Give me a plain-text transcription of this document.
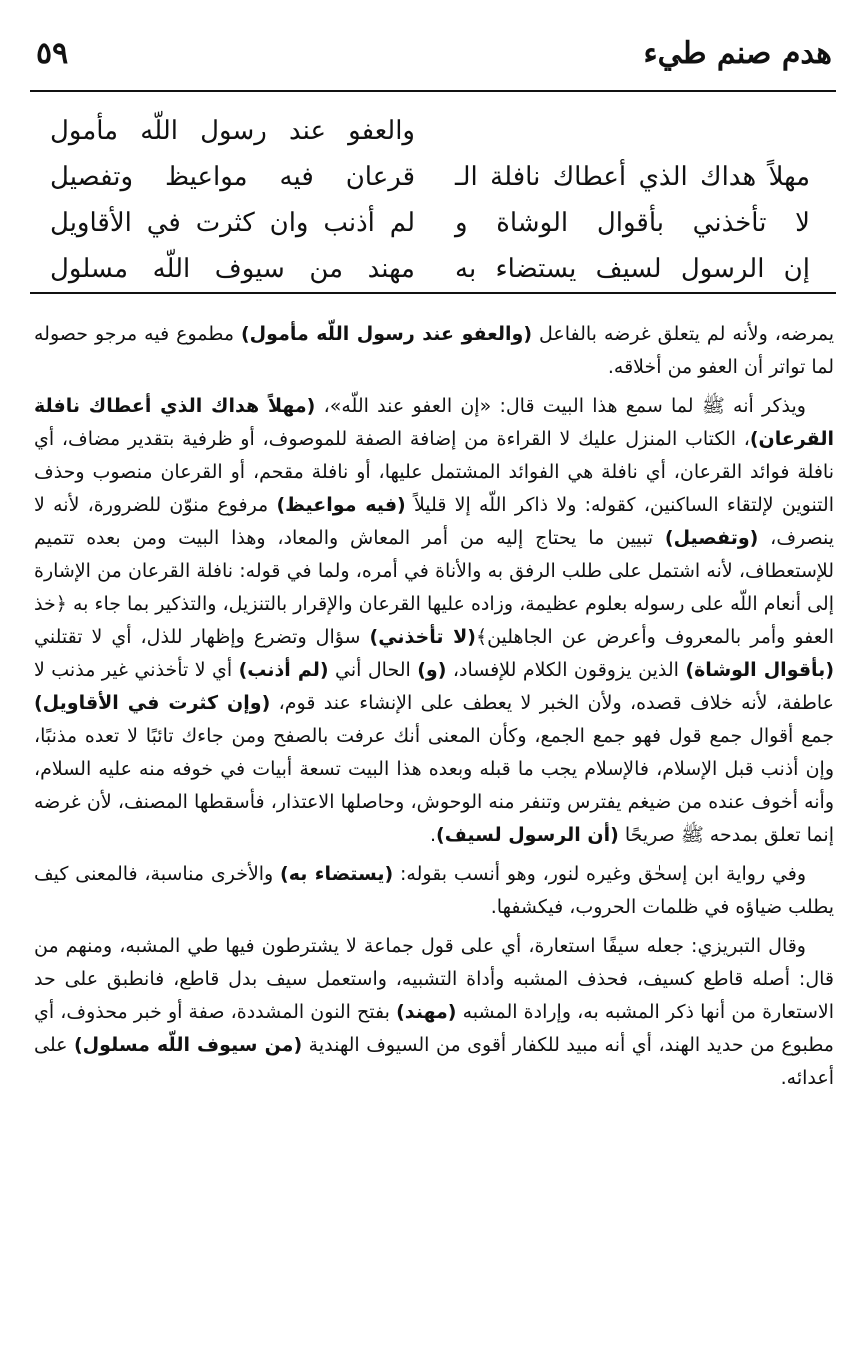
٥٩	هدم صنم طيء
والعفو عند رسول اللّه مأمول
مهلاً هداك الذي أعطاك نافلة الـ
قرعان فيه مواعيظ وتفصيل
لا تأخذني بأقوال الوشاة و
لم أذنب وان كثرت في الأقاويل
إن الرسول لسيف يستضاء به
مهند من سيوف اللّه مسلول

يمرضه، ولأنه لم يتعلق غرضه بالفاعل (والعفو عند رسول اللّه مأمول) مطموع فيه مرجو حصوله لما تواتر أن العفو من أخلاقه.

ويذكر أنه ﷺ لما سمع هذا البيت قال: «إن العفو عند اللّه»، (مهلاً هداك الذي أعطاك نافلة القرعان)، الكتاب المنزل عليك لا القراءة من إضافة الصفة للموصوف، أو ظرفية بتقدير مضاف، أي نافلة فوائد القرعان، أي نافلة هي الفوائد المشتمل عليها، أو نافلة مقحم، أو القرعان منصوب وحذف التنوين لإلتقاء الساكنين، كقوله: ولا ذاكر اللّه إلا قليلاً (فيه مواعيظ) مرفوع منوّن للضرورة، لأنه لا ينصرف، (وتفصيل) تبيين ما يحتاج إليه من أمر المعاش والمعاد، وهذا البيت ومن بعده تتميم للإستعطاف، لأنه اشتمل على طلب الرفق به والأناة في أمره، ولما في قوله: نافلة القرعان من الإشارة إلى أنعام اللّه على رسوله بعلوم عظيمة، وزاده عليها القرعان والإقرار بالتنزيل، والتذكير بما جاء به ﴿خذ العفو وأمر بالمعروف وأعرض عن الجاهلين﴾(لا تأخذني) سؤال وتضرع وإظهار للذل، أي لا تقتلني (بأقوال الوشاة) الذين يزوقون الكلام للإفساد، (و) الحال أني (لم أذنب) أي لا تأخذني غير مذنب لا عاطفة، لأنه خلاف قصده، ولأن الخبر لا يعطف على الإنشاء عند قوم، (وإن كثرت في الأقاويل) جمع أقوال جمع قول فهو جمع الجمع، وكأن المعنى أنك عرفت بالصفح ومن جاءك تائبًا لا تعده مذنبًا، وإن أذنب قبل الإسلام، فالإسلام يجب ما قبله وبعده هذا البيت تسعة أبيات في خوفه منه عليه السلام، وأنه أخوف عنده من ضيغم يفترس وتنفر منه الوحوش، وحاصلها الاعتذار، فأسقطها المصنف، لأن غرضه إنما تعلق بمدحه ﷺ صريحًا (أن الرسول لسيف).

وفي رواية ابن إسحٰق وغيره لنور، وهو أنسب بقوله: (يستضاء به) والأخرى مناسبة، فالمعنى كيف يطلب ضياؤه في ظلمات الحروب، فيكشفها.

وقال التبريزي: جعله سيفًا استعارة، أي على قول جماعة لا يشترطون فيها طي المشبه، ومنهم من قال: أصله قاطع كسيف، فحذف المشبه وأداة التشبيه، واستعمل سيف بدل قاطع، فانطبق على حد الاستعارة من أنها ذكر المشبه به، وإرادة المشبه (مهند) بفتح النون المشددة، صفة أو خبر محذوف، أي مطبوع من حديد الهند، أي أنه مبيد للكفار أقوى من السيوف الهندية (من سيوف اللّه مسلول) على أعدائه.
